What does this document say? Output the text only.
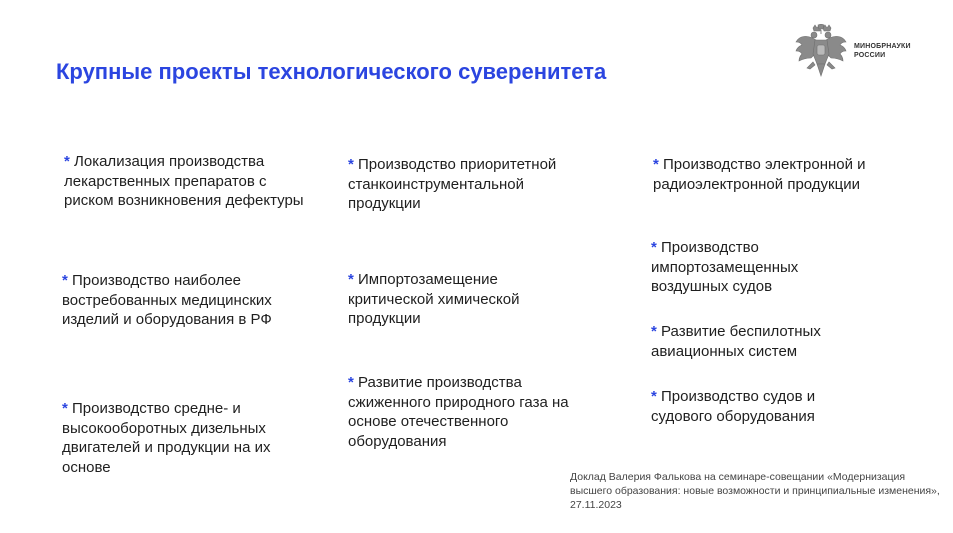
Крупные проекты технологического суверенитета
МИНОБРНАУКИ
РОССИИ
* Локализация производства лекарственных препаратов с риском возникновения дефектуры
* Производство наиболее востребованных медицинских изделий и оборудования в РФ
* Производство средне- и высокооборотных дизельных двигателей и продукции на их основе
* Производство приоритетной станкоинструментальной продукции
* Импортозамещение критической химической продукции
* Развитие производства сжиженного природного газа на основе отечественного оборудования
* Производство электронной и радиоэлектронной продукции
* Производство импортозамещенных воздушных судов
* Развитие беспилотных авиационных систем
* Производство судов и судового оборудования
Доклад Валерия Фалькова на семинаре-совещании «Модернизация высшего образования: новые возможности и принципиальные изменения», 27.11.2023
